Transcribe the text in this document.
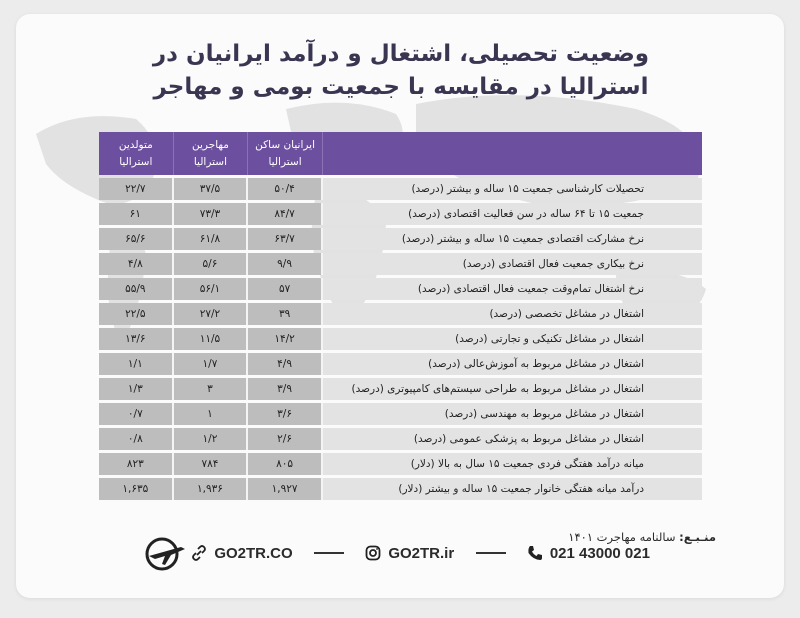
وضعیت تحصیلی، اشتغال و درآمد ایرانیان در
استرالیا در مقایسه با جمعیت بومی و مهاجر
	ایرانیان ساکن استرالیا	مهاجرین استرالیا	متولدین استرالیا
تحصیلات کارشناسی جمعیت ۱۵ ساله و بیشتر (درصد)	۵۰/۴	۳۷/۵	۲۲/۷
جمعیت ۱۵ تا ۶۴ ساله در سن فعالیت اقتصادی (درصد)	۸۴/۷	۷۳/۳	۶۱
نرخ مشارکت اقتصادی جمعیت ۱۵ ساله و بیشتر (درصد)	۶۳/۷	۶۱/۸	۶۵/۶
نرخ بیکاری جمعیت فعال اقتصادی (درصد)	۹/۹	۵/۶	۴/۸
نرخ اشتغال تمام‌وقت جمعیت فعال اقتصادی (درصد)	۵۷	۵۶/۱	۵۵/۹
اشتغال در مشاغل تخصصی (درصد)	۳۹	۲۷/۲	۲۲/۵
اشتغال در مشاغل تکنیکی و تجارتی (درصد)	۱۴/۲	۱۱/۵	۱۳/۶
اشتغال در مشاغل مربوط به آموزش‌عالی (درصد)	۴/۹	۱/۷	۱/۱
اشتغال در مشاغل مربوط به طراحی سیستم‌های کامپیوتری (درصد)	۳/۹	۳	۱/۳
اشتغال در مشاغل مربوط به مهندسی (درصد)	۳/۶	۱	۰/۷
اشتغال در مشاغل مربوط به پزشکی عمومی (درصد)	۲/۶	۱/۲	۰/۸
میانه درآمد هفتگی فردی جمعیت ۱۵ سال به بالا (دلار)	۸۰۵	۷۸۴	۸۲۳
درآمد میانه هفتگی خانوار جمعیت ۱۵ ساله و بیشتر (دلار)	۱,۹۲۷	۱,۹۳۶	۱,۶۳۵
منـبـع: سالنامه مهاجرت ۱۴۰۱
GO2TR.CO	GO2TR.ir	021 43000 021
